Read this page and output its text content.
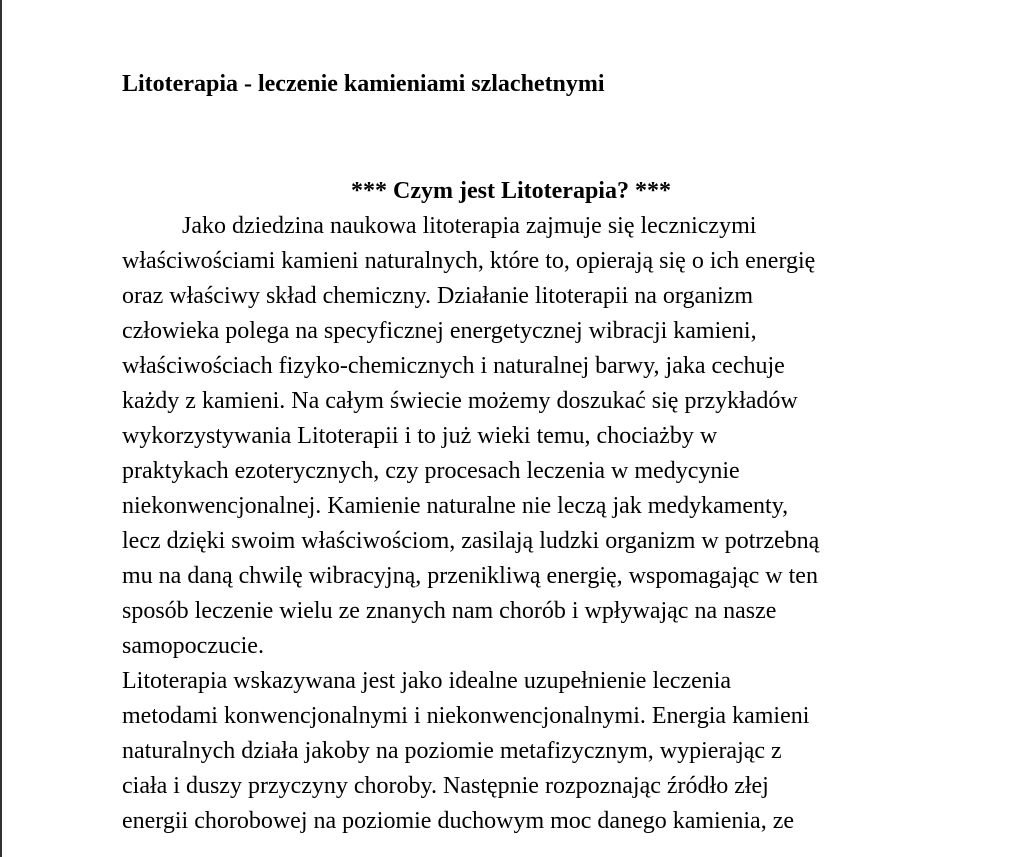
Litoterapia - leczenie kamieniami szlachetnymi
*** Czym jest Litoterapia? ***

Jako dziedzina naukowa litoterapia zajmuje się leczniczymi
właściwościami kamieni naturalnych, które to, opierają się o ich energię
oraz właściwy skład chemiczny. Działanie litoterapii na organizm
człowieka polega na specyficznej energetycznej wibracji kamieni,
właściwościach fizyko-chemicznych i naturalnej barwy, jaka cechuje
każdy z kamieni. Na całym świecie możemy doszukać się przykładów
wykorzystywania Litoterapii i to już wieki temu, chociażby w
praktykach ezoterycznych, czy procesach leczenia w medycynie
niekonwencjonalnej. Kamienie naturalne nie leczą jak medykamenty,
lecz dzięki swoim właściwościom, zasilają ludzki organizm w potrzebną
mu na daną chwilę wibracyjną, przenikliwą energię, wspomagając w ten
sposób leczenie wielu ze znanych nam chorób i wpływając na nasze
samopoczucie.

Litoterapia wskazywana jest jako idealne uzupełnienie leczenia
metodami konwencjonalnymi i niekonwencjonalnymi. Energia kamieni
naturalnych działa jakoby na poziomie metafizycznym, wypierając z
ciała i duszy przyczyny choroby. Następnie rozpoznając źródło złej
energii chorobowej na poziomie duchowym moc danego kamienia, ze
